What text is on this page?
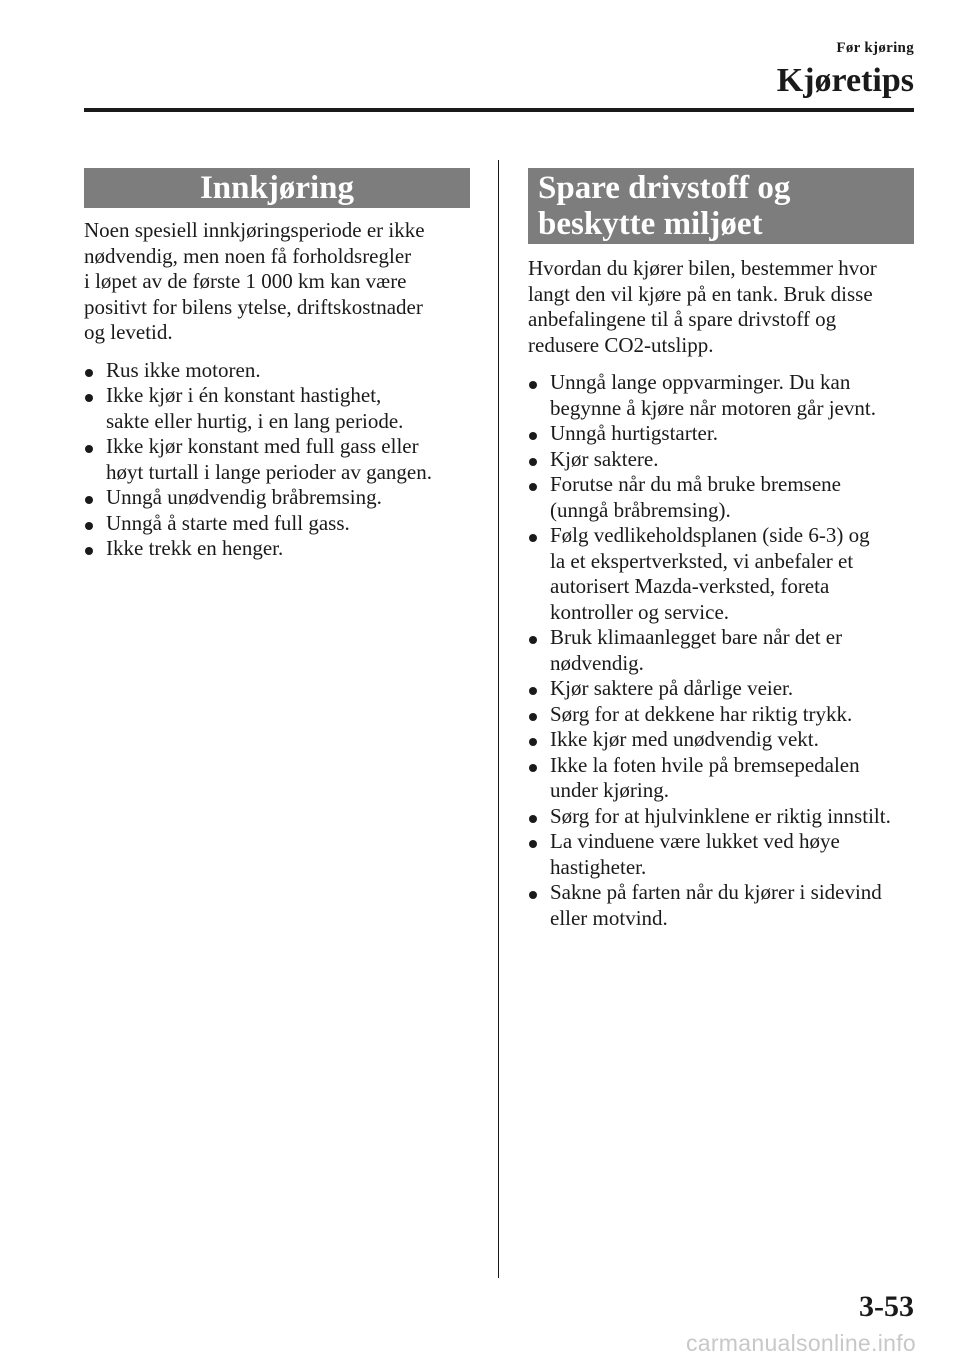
Før kjøring
Kjøretips
Innkjøring

Noen spesiell innkjøringsperiode er ikke
nødvendig, men noen få forholdsregler
i løpet av de første 1 000 km kan være
positivt for bilens ytelse, driftskostnader
og levetid.

Rus ikke motoren.
Ikke kjør i én konstant hastighet,
sakte eller hurtig, i en lang periode.
Ikke kjør konstant med full gass eller
høyt turtall i lange perioder av gangen.
Unngå unødvendig bråbremsing.
Unngå å starte med full gass.
Ikke trekk en henger.
Spare drivstoff og
beskytte miljøet

Hvordan du kjører bilen, bestemmer hvor
langt den vil kjøre på en tank. Bruk disse
anbefalingene til å spare drivstoff og
redusere CO2-utslipp.

Unngå lange oppvarminger. Du kan
begynne å kjøre når motoren går jevnt.
Unngå hurtigstarter.
Kjør saktere.
Forutse når du må bruke bremsene
(unngå bråbremsing).
Følg vedlikeholdsplanen (side 6-3) og
la et ekspertverksted, vi anbefaler et
autorisert Mazda-verksted, foreta
kontroller og service.
Bruk klimaanlegget bare når det er
nødvendig.
Kjør saktere på dårlige veier.
Sørg for at dekkene har riktig trykk.
Ikke kjør med unødvendig vekt.
Ikke la foten hvile på bremsepedalen
under kjøring.
Sørg for at hjulvinklene er riktig innstilt.
La vinduene være lukket ved høye
hastigheter.
Sakne på farten når du kjører i sidevind
eller motvind.
3-53
carmanualsonline.info
